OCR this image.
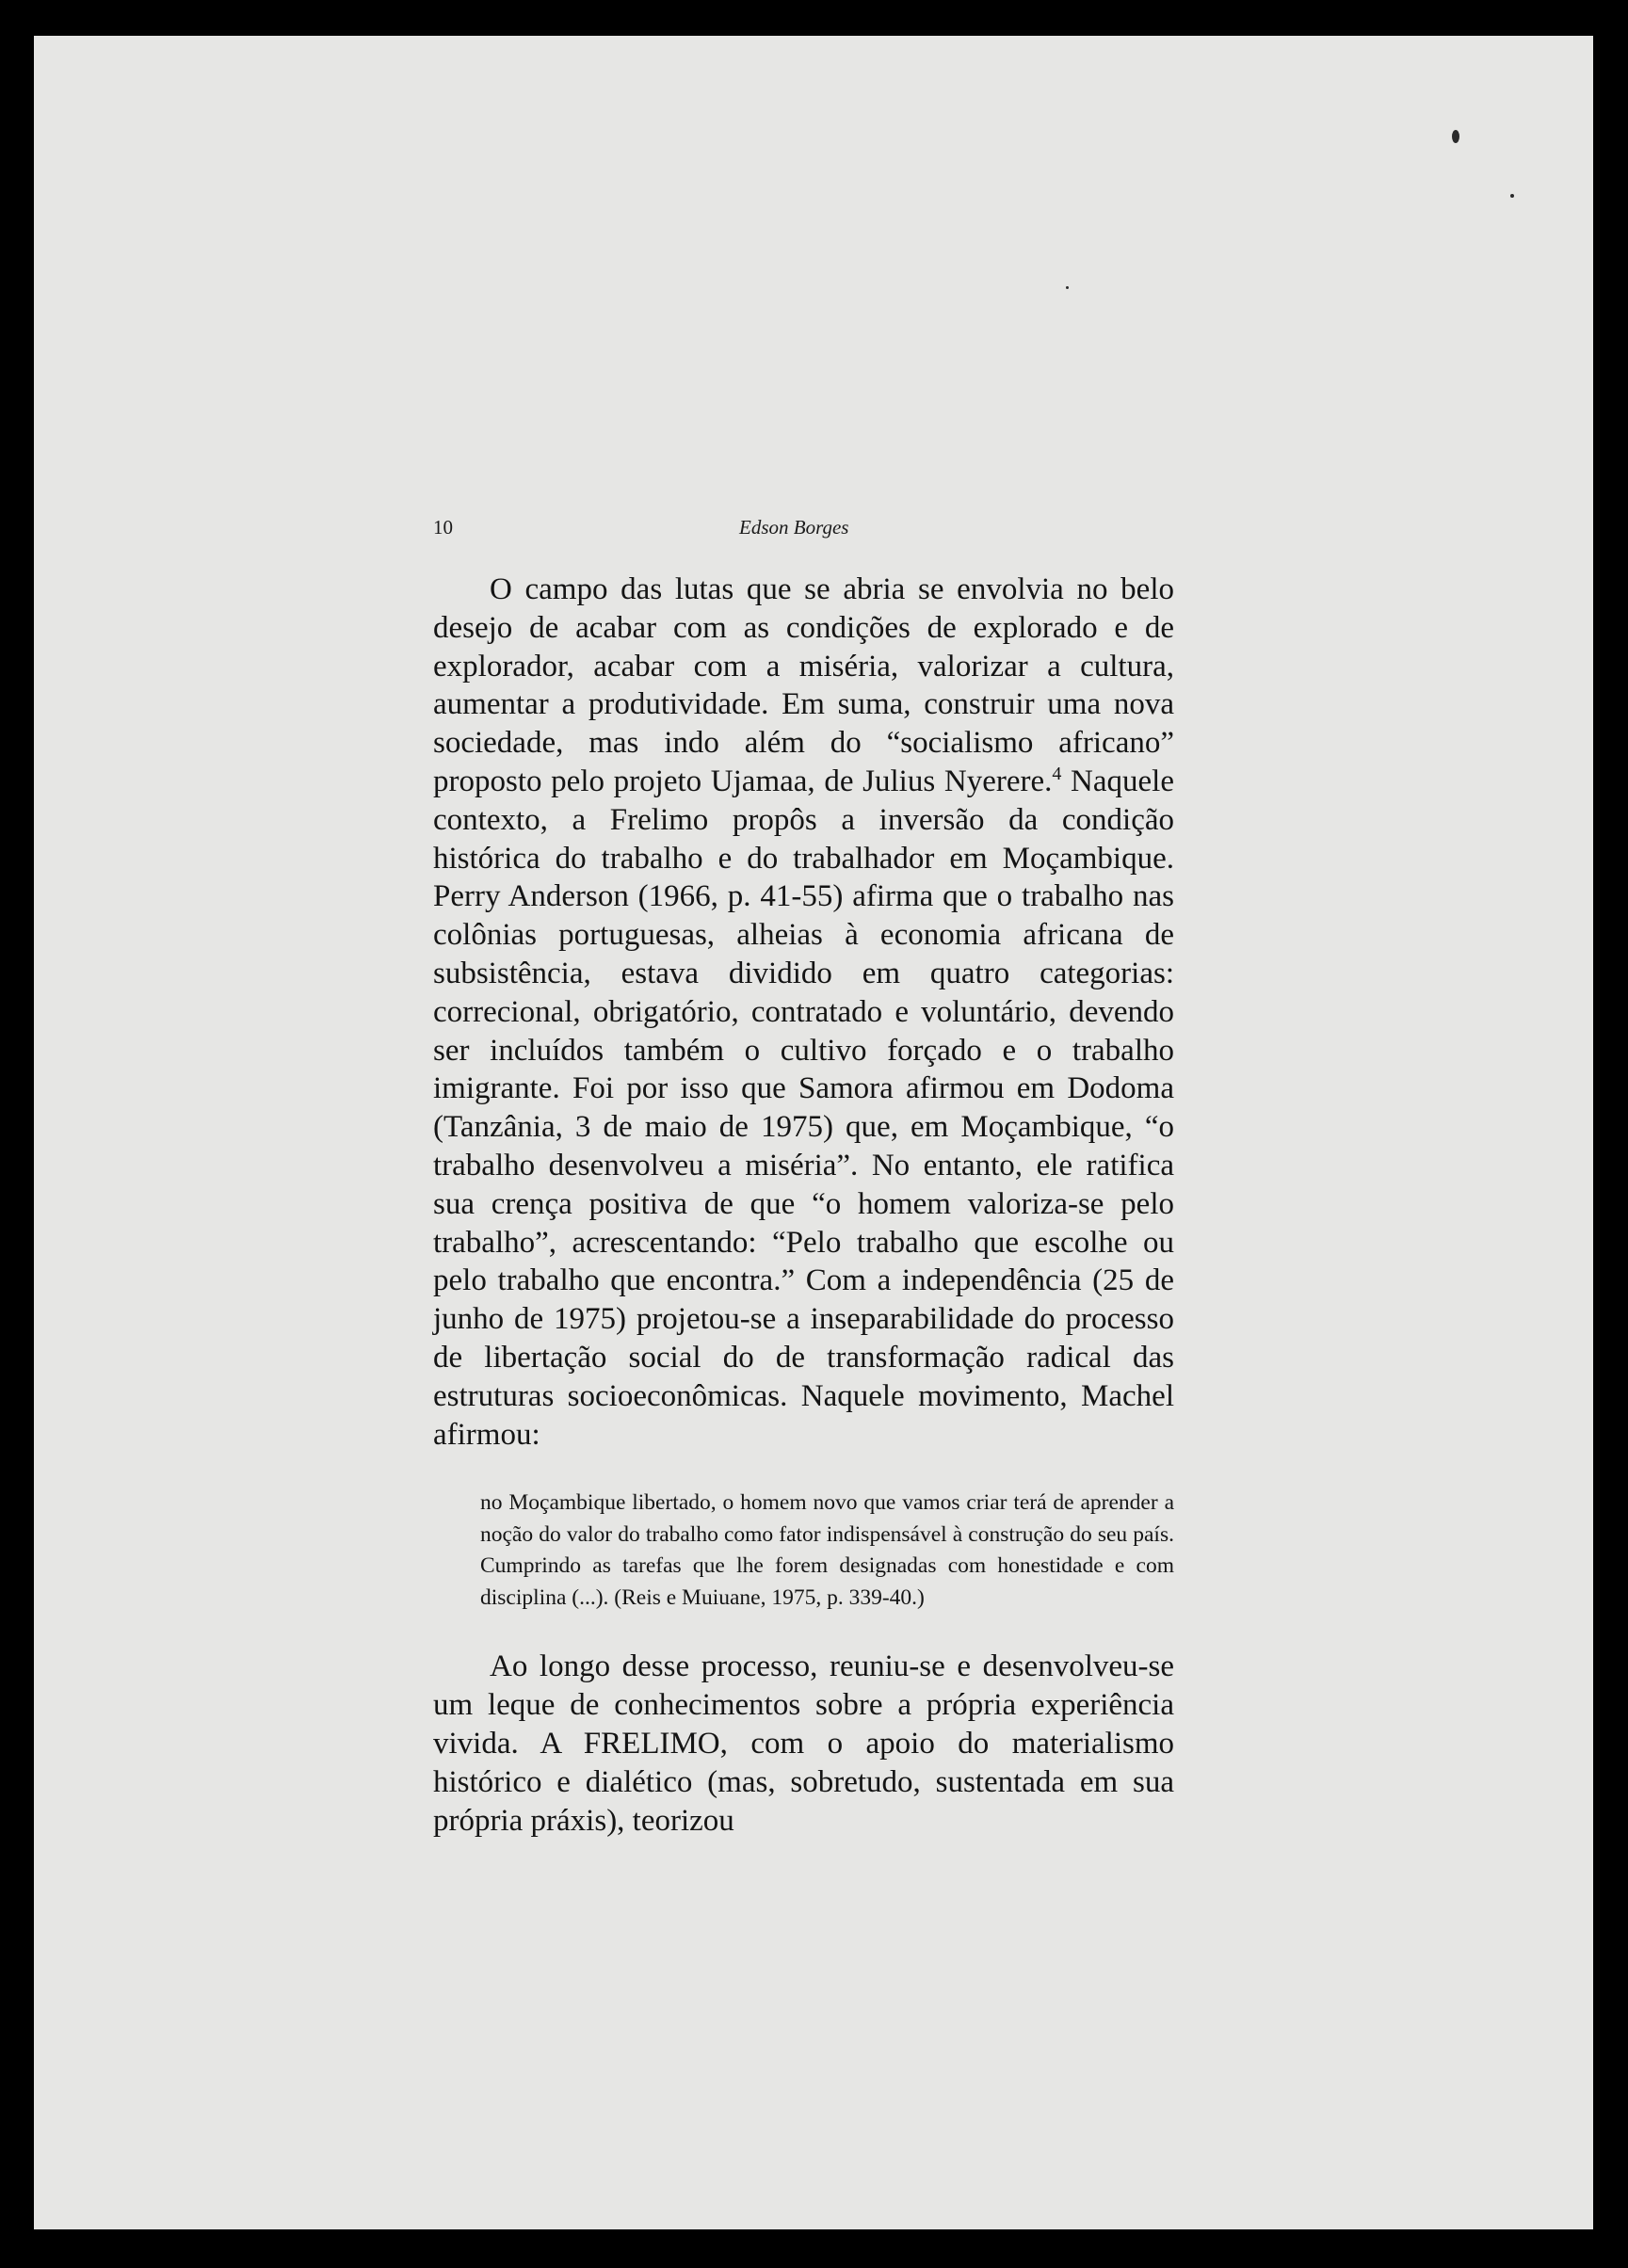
10	Edson Borges

O campo das lutas que se abria se envolvia no belo desejo de acabar com as condições de explorado e de explorador, acabar com a miséria, valorizar a cultura, aumentar a produtividade. Em suma, construir uma nova sociedade, mas indo além do “socialismo africano” proposto pelo projeto Ujamaa, de Julius Nyerere.$^4$ Naquele contexto, a Frelimo propôs a inversão da condição histórica do trabalho e do trabalhador em Moçambique. Perry Anderson (1966, p. 41-55) afirma que o trabalho nas colônias portuguesas, alheias à economia africana de subsistência, estava dividido em quatro categorias: correcional, obrigatório, contratado e voluntário, devendo ser incluídos também o cultivo forçado e o trabalho imigrante. Foi por isso que Samora afirmou em Dodoma (Tanzânia, 3 de maio de 1975) que, em Moçambique, “o trabalho desenvolveu a miséria”. No entanto, ele ratifica sua crença positiva de que “o homem valoriza-se pelo trabalho”, acrescentando: “Pelo trabalho que escolhe ou pelo trabalho que encontra.” Com a independência (25 de junho de 1975) projetou-se a inseparabilidade do processo de libertação social do de transformação radical das estruturas socioeconômicas. Naquele movimento, Machel afirmou:

no Moçambique libertado, o homem novo que vamos criar terá de aprender a noção do valor do trabalho como fator indispensável à construção do seu país. Cumprindo as tarefas que lhe forem designadas com honestidade e com disciplina (...). (Reis e Muiuane, 1975, p. 339-40.)

Ao longo desse processo, reuniu-se e desenvolveu-se um leque de conhecimentos sobre a própria experiência vivida. A FRELIMO, com o apoio do materialismo histórico e dialético (mas, sobretudo, sustentada em sua própria práxis), teorizou
